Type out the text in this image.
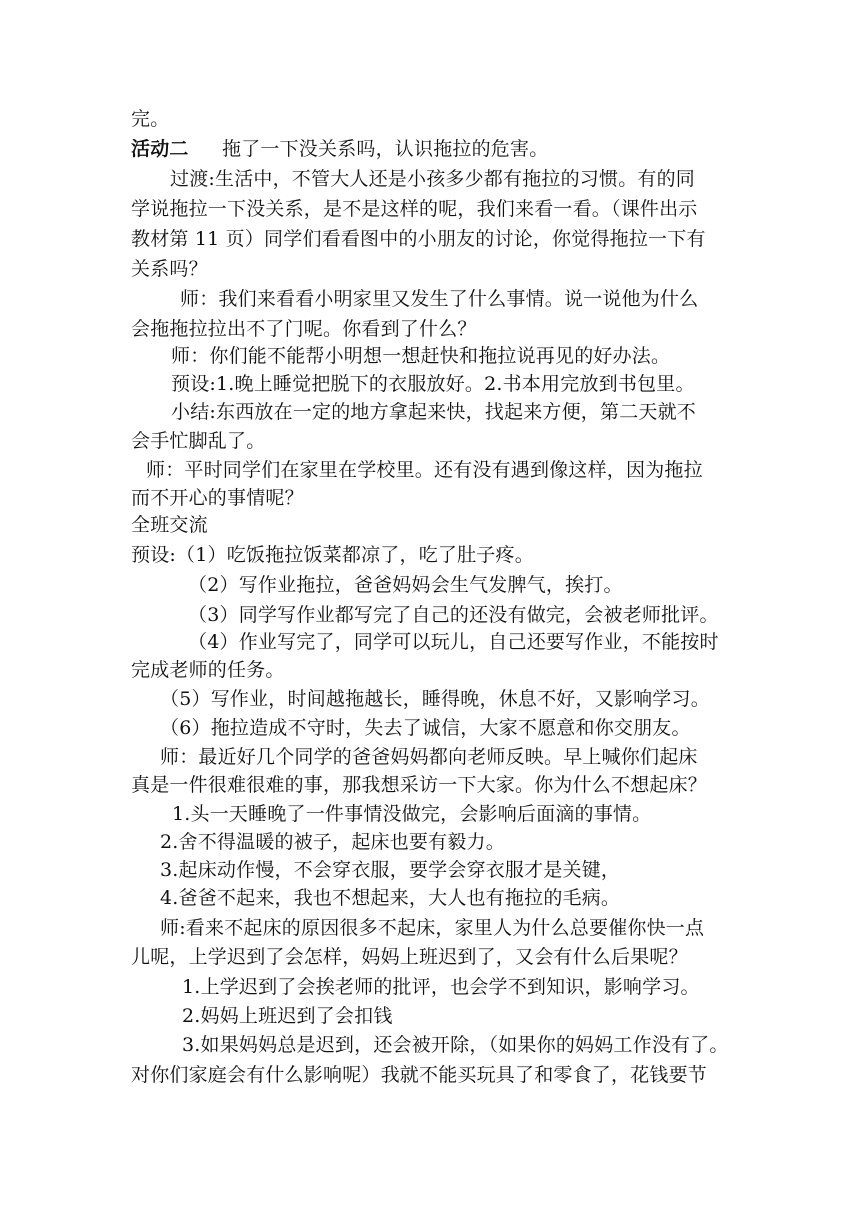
完。
活动二 拖了一下没关系吗，认识拖拉的危害。
过渡:生活中，不管大人还是小孩多少都有拖拉的习惯。有的同
学说拖拉一下没关系，是不是这样的呢，我们来看一看。（课件出示
教材第 11 页）同学们看看图中的小朋友的讨论，你觉得拖拉一下有
关系吗？
师：我们来看看小明家里又发生了什么事情。说一说他为什么
会拖拖拉拉出不了门呢。你看到了什么？
师：你们能不能帮小明想一想赶快和拖拉说再见的好办法。
预设:1.晚上睡觉把脱下的衣服放好。2.书本用完放到书包里。
小结:东西放在一定的地方拿起来快，找起来方便，第二天就不
会手忙脚乱了。
师：平时同学们在家里在学校里。还有没有遇到像这样，因为拖拉
而不开心的事情呢？
全班交流
预设:（1）吃饭拖拉饭菜都凉了，吃了肚子疼。
（2）写作业拖拉，爸爸妈妈会生气发脾气，挨打。
（3）同学写作业都写完了自己的还没有做完，会被老师批评。
（4）作业写完了，同学可以玩儿，自己还要写作业，不能按时
完成老师的任务。
（5）写作业，时间越拖越长，睡得晚，休息不好，又影响学习。
（6）拖拉造成不守时，失去了诚信，大家不愿意和你交朋友。
师：最近好几个同学的爸爸妈妈都向老师反映。早上喊你们起床
真是一件很难很难的事，那我想采访一下大家。你为什么不想起床？
1.头一天睡晚了一件事情没做完，会影响后面滴的事情。
2.舍不得温暖的被子，起床也要有毅力。
3.起床动作慢，不会穿衣服，要学会穿衣服才是关键，
4.爸爸不起来，我也不想起来，大人也有拖拉的毛病。
师:看来不起床的原因很多不起床，家里人为什么总要催你快一点
儿呢，上学迟到了会怎样，妈妈上班迟到了，又会有什么后果呢？
1.上学迟到了会挨老师的批评，也会学不到知识，影响学习。
2.妈妈上班迟到了会扣钱
3.如果妈妈总是迟到，还会被开除，（如果你的妈妈工作没有了。
对你们家庭会有什么影响呢）我就不能买玩具了和零食了，花钱要节
